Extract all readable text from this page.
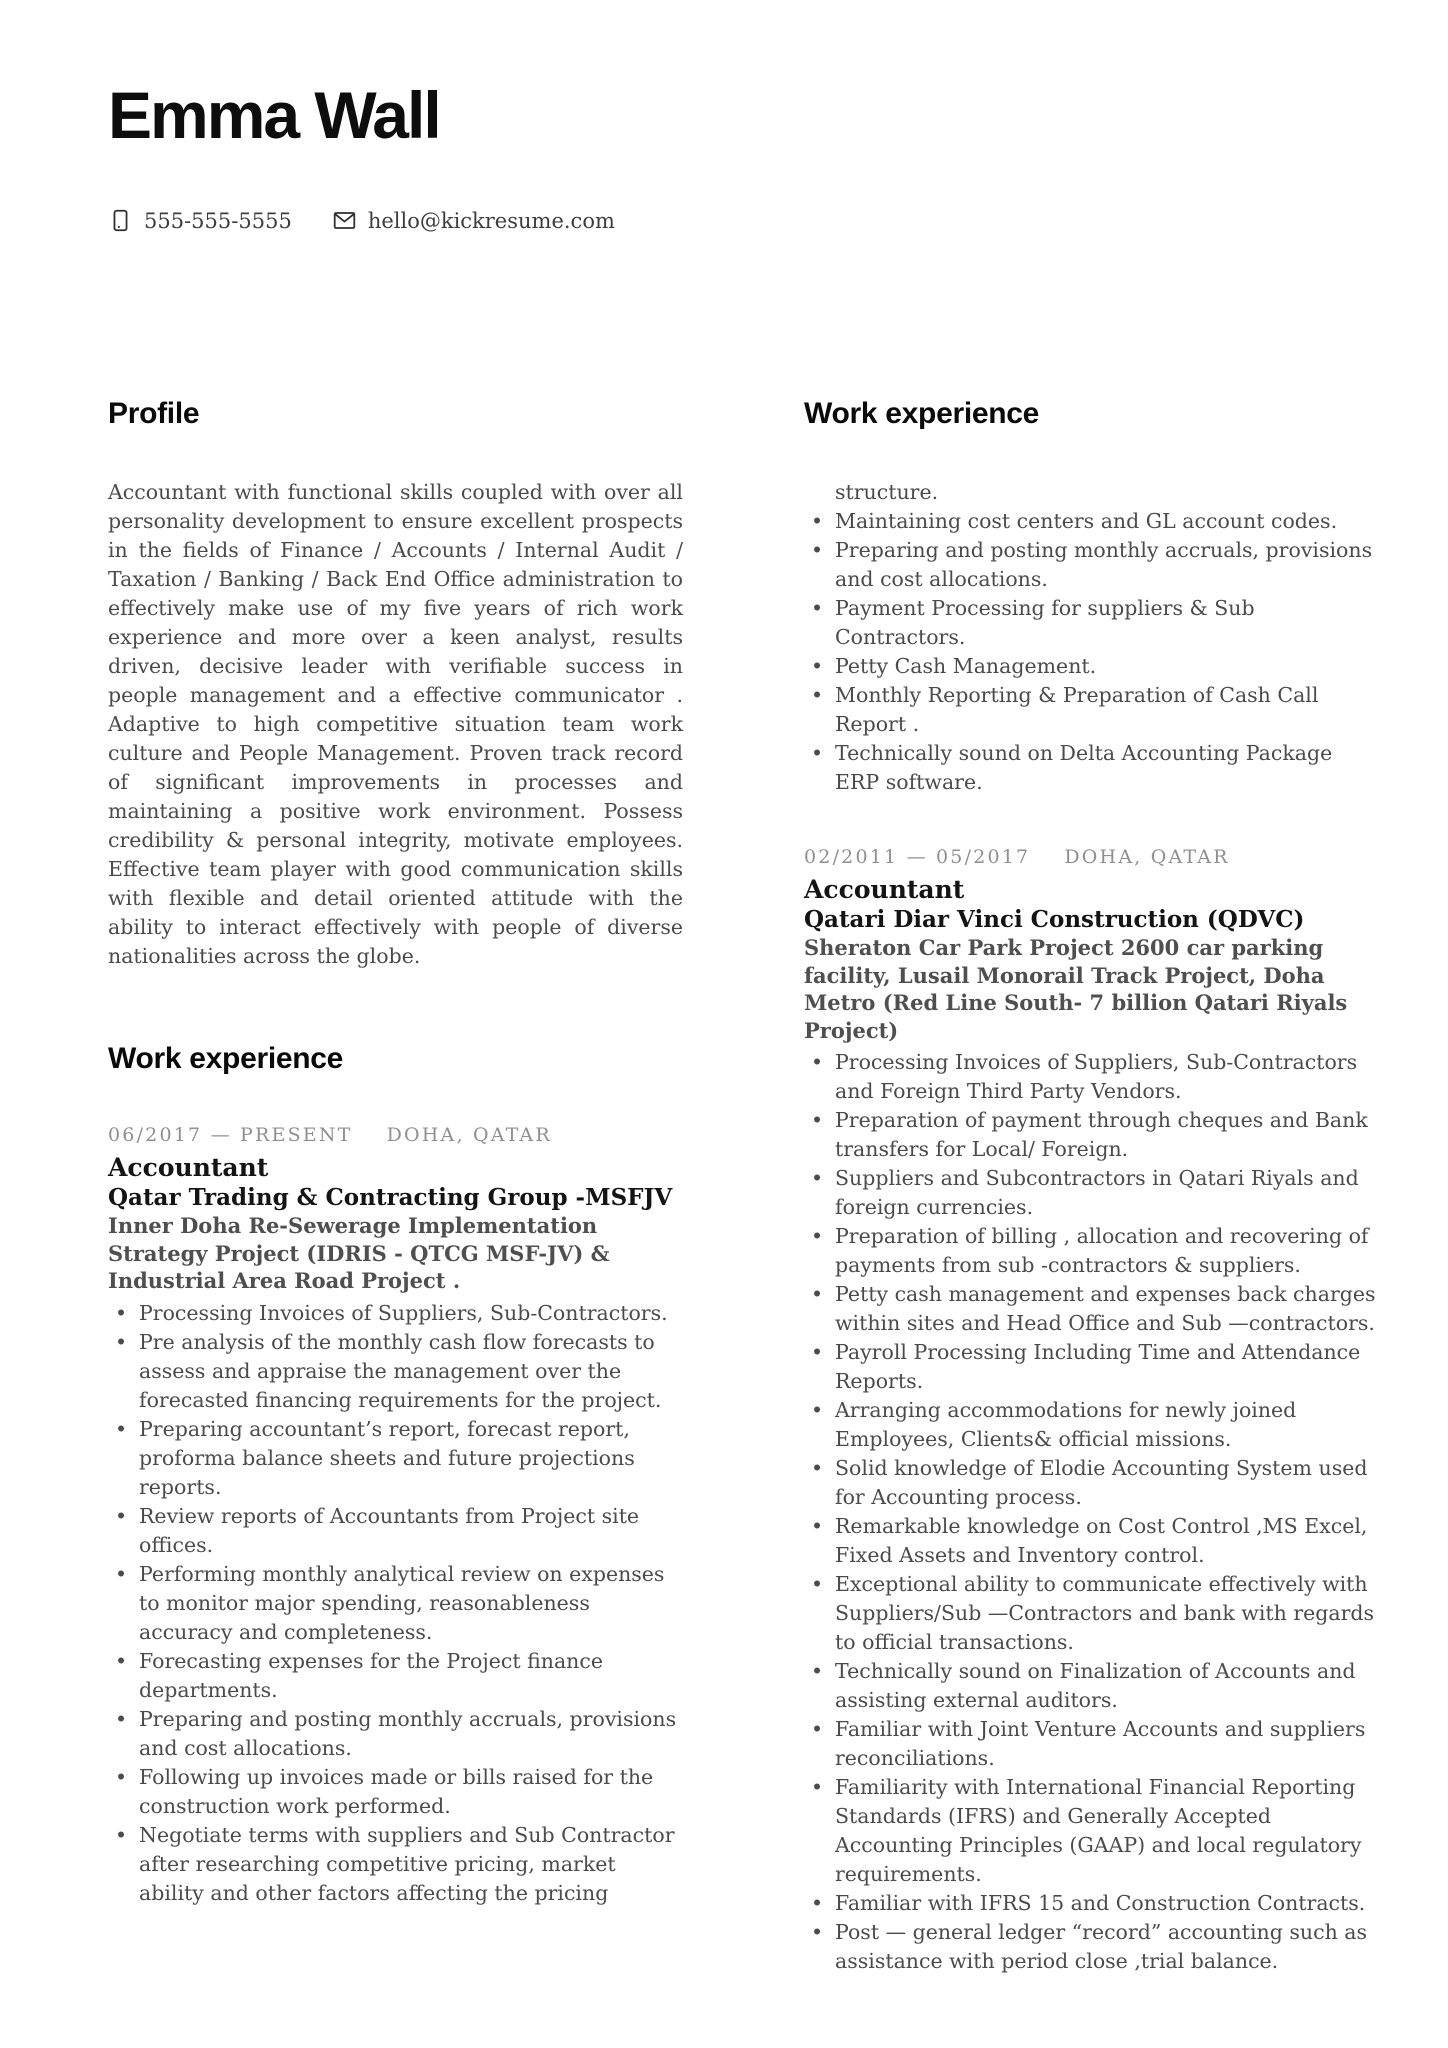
Emma Wall
555-555-5555	hello@kickresume.com
Profile

Accountant with functional skills coupled with over all personality development to ensure excellent prospects in the fields of Finance / Accounts / Internal Audit / Taxation / Banking / Back End Office administration to effectively make use of my five years of rich work experience and more over a keen analyst, results driven, decisive leader with verifiable success in people management and a effective communicator . Adaptive to high competitive situation team work culture and People Management. Proven track record of significant improvements in processes and maintaining a positive work environment. Possess credibility & personal integrity, motivate employees. Effective team player with good communication skills with flexible and detail oriented attitude with the ability to interact effectively with people of diverse nationalities across the globe.

Work experience
06/2017 — PRESENT DOHA, QATAR
Accountant
Qatar Trading & Contracting Group -MSFJV
Inner Doha Re-Sewerage Implementation Strategy Project (IDRIS - QTCG MSF-JV) & Industrial Area Road Project .
• Processing Invoices of Suppliers, Sub-Contractors.
• Pre analysis of the monthly cash flow forecasts to assess and appraise the management over the forecasted financing requirements for the project.
• Preparing accountant’s report, forecast report, proforma balance sheets and future projections reports.
• Review reports of Accountants from Project site offices.
• Performing monthly analytical review on expenses to monitor major spending, reasonableness accuracy and completeness.
• Forecasting expenses for the Project finance departments.
• Preparing and posting monthly accruals, provisions and cost allocations.
• Following up invoices made or bills raised for the construction work performed.
• Negotiate terms with suppliers and Sub Contractor after researching competitive pricing, market ability and other factors affecting the pricing
Work experience
structure.
• Maintaining cost centers and GL account codes.
• Preparing and posting monthly accruals, provisions and cost allocations.
• Payment Processing for suppliers & Sub Contractors.
• Petty Cash Management.
• Monthly Reporting & Preparation of Cash Call Report .
• Technically sound on Delta Accounting Package ERP software.
02/2011 — 05/2017 DOHA, QATAR
Accountant
Qatari Diar Vinci Construction (QDVC)
Sheraton Car Park Project 2600 car parking facility, Lusail Monorail Track Project, Doha Metro (Red Line South- 7 billion Qatari Riyals Project)
• Processing Invoices of Suppliers, Sub-Contractors and Foreign Third Party Vendors.
• Preparation of payment through cheques and Bank transfers for Local/ Foreign.
• Suppliers and Subcontractors in Qatari Riyals and foreign currencies.
• Preparation of billing , allocation and recovering of payments from sub -contractors & suppliers.
• Petty cash management and expenses back charges within sites and Head Office and Sub —contractors.
• Payroll Processing Including Time and Attendance Reports.
• Arranging accommodations for newly joined Employees, Clients& official missions.
• Solid knowledge of Elodie Accounting System used for Accounting process.
• Remarkable knowledge on Cost Control ,MS Excel, Fixed Assets and Inventory control.
• Exceptional ability to communicate effectively with Suppliers/Sub —Contractors and bank with regards to official transactions.
• Technically sound on Finalization of Accounts and assisting external auditors.
• Familiar with Joint Venture Accounts and suppliers reconciliations.
• Familiarity with International Financial Reporting Standards (IFRS) and Generally Accepted Accounting Principles (GAAP) and local regulatory requirements.
• Familiar with IFRS 15 and Construction Contracts.
• Post — general ledger “record” accounting such as assistance with period close ,trial balance.
